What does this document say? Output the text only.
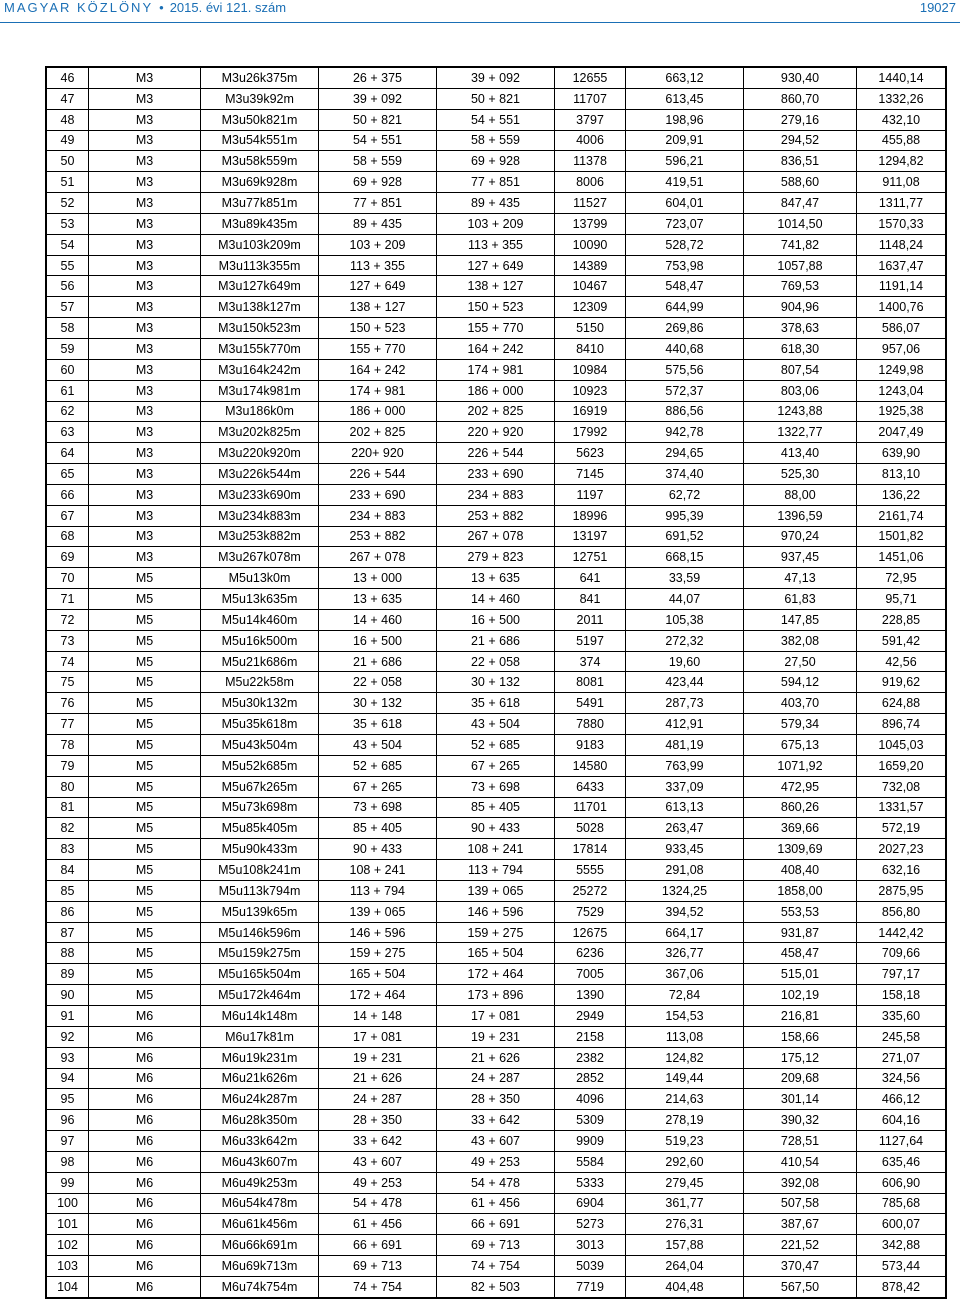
MAGYAR KÖZLÖNY • 2015. évi 121. szám	19027
46	M3	M3u26k375m	26 + 375	39 + 092	12655	663,12	930,40	1440,14
47	M3	M3u39k92m	39 + 092	50 + 821	11707	613,45	860,70	1332,26
48	M3	M3u50k821m	50 + 821	54 + 551	3797	198,96	279,16	432,10
49	M3	M3u54k551m	54 + 551	58 + 559	4006	209,91	294,52	455,88
50	M3	M3u58k559m	58 + 559	69 + 928	11378	596,21	836,51	1294,82
51	M3	M3u69k928m	69 + 928	77 + 851	8006	419,51	588,60	911,08
52	M3	M3u77k851m	77 + 851	89 + 435	11527	604,01	847,47	1311,77
53	M3	M3u89k435m	89 + 435	103 + 209	13799	723,07	1014,50	1570,33
54	M3	M3u103k209m	103 + 209	113 + 355	10090	528,72	741,82	1148,24
55	M3	M3u113k355m	113 + 355	127 + 649	14389	753,98	1057,88	1637,47
56	M3	M3u127k649m	127 + 649	138 + 127	10467	548,47	769,53	1191,14
57	M3	M3u138k127m	138 + 127	150 + 523	12309	644,99	904,96	1400,76
58	M3	M3u150k523m	150 + 523	155 + 770	5150	269,86	378,63	586,07
59	M3	M3u155k770m	155 + 770	164 + 242	8410	440,68	618,30	957,06
60	M3	M3u164k242m	164 + 242	174 + 981	10984	575,56	807,54	1249,98
61	M3	M3u174k981m	174 + 981	186 + 000	10923	572,37	803,06	1243,04
62	M3	M3u186k0m	186 + 000	202 + 825	16919	886,56	1243,88	1925,38
63	M3	M3u202k825m	202 + 825	220 + 920	17992	942,78	1322,77	2047,49
64	M3	M3u220k920m	220+ 920	226 + 544	5623	294,65	413,40	639,90
65	M3	M3u226k544m	226 + 544	233 + 690	7145	374,40	525,30	813,10
66	M3	M3u233k690m	233 + 690	234 + 883	1197	62,72	88,00	136,22
67	M3	M3u234k883m	234 + 883	253 + 882	18996	995,39	1396,59	2161,74
68	M3	M3u253k882m	253 + 882	267 + 078	13197	691,52	970,24	1501,82
69	M3	M3u267k078m	267 + 078	279 + 823	12751	668,15	937,45	1451,06
70	M5	M5u13k0m	13 + 000	13 + 635	641	33,59	47,13	72,95
71	M5	M5u13k635m	13 + 635	14 + 460	841	44,07	61,83	95,71
72	M5	M5u14k460m	14 + 460	16 + 500	2011	105,38	147,85	228,85
73	M5	M5u16k500m	16 + 500	21 + 686	5197	272,32	382,08	591,42
74	M5	M5u21k686m	21 + 686	22 + 058	374	19,60	27,50	42,56
75	M5	M5u22k58m	22 + 058	30 + 132	8081	423,44	594,12	919,62
76	M5	M5u30k132m	30 + 132	35 + 618	5491	287,73	403,70	624,88
77	M5	M5u35k618m	35 + 618	43 + 504	7880	412,91	579,34	896,74
78	M5	M5u43k504m	43 + 504	52 + 685	9183	481,19	675,13	1045,03
79	M5	M5u52k685m	52 + 685	67 + 265	14580	763,99	1071,92	1659,20
80	M5	M5u67k265m	67 + 265	73 + 698	6433	337,09	472,95	732,08
81	M5	M5u73k698m	73 + 698	85 + 405	11701	613,13	860,26	1331,57
82	M5	M5u85k405m	85 + 405	90 + 433	5028	263,47	369,66	572,19
83	M5	M5u90k433m	90 + 433	108 + 241	17814	933,45	1309,69	2027,23
84	M5	M5u108k241m	108 + 241	113 + 794	5555	291,08	408,40	632,16
85	M5	M5u113k794m	113 + 794	139 + 065	25272	1324,25	1858,00	2875,95
86	M5	M5u139k65m	139 + 065	146 + 596	7529	394,52	553,53	856,80
87	M5	M5u146k596m	146 + 596	159 + 275	12675	664,17	931,87	1442,42
88	M5	M5u159k275m	159 + 275	165 + 504	6236	326,77	458,47	709,66
89	M5	M5u165k504m	165 + 504	172 + 464	7005	367,06	515,01	797,17
90	M5	M5u172k464m	172 + 464	173 + 896	1390	72,84	102,19	158,18
91	M6	M6u14k148m	14 + 148	17 + 081	2949	154,53	216,81	335,60
92	M6	M6u17k81m	17 + 081	19 + 231	2158	113,08	158,66	245,58
93	M6	M6u19k231m	19 + 231	21 + 626	2382	124,82	175,12	271,07
94	M6	M6u21k626m	21 + 626	24 + 287	2852	149,44	209,68	324,56
95	M6	M6u24k287m	24 + 287	28 + 350	4096	214,63	301,14	466,12
96	M6	M6u28k350m	28 + 350	33 + 642	5309	278,19	390,32	604,16
97	M6	M6u33k642m	33 + 642	43 + 607	9909	519,23	728,51	1127,64
98	M6	M6u43k607m	43 + 607	49 + 253	5584	292,60	410,54	635,46
99	M6	M6u49k253m	49 + 253	54 + 478	5333	279,45	392,08	606,90
100	M6	M6u54k478m	54 + 478	61 + 456	6904	361,77	507,58	785,68
101	M6	M6u61k456m	61 + 456	66 + 691	5273	276,31	387,67	600,07
102	M6	M6u66k691m	66 + 691	69 + 713	3013	157,88	221,52	342,88
103	M6	M6u69k713m	69 + 713	74 + 754	5039	264,04	370,47	573,44
104	M6	M6u74k754m	74 + 754	82 + 503	7719	404,48	567,50	878,42
